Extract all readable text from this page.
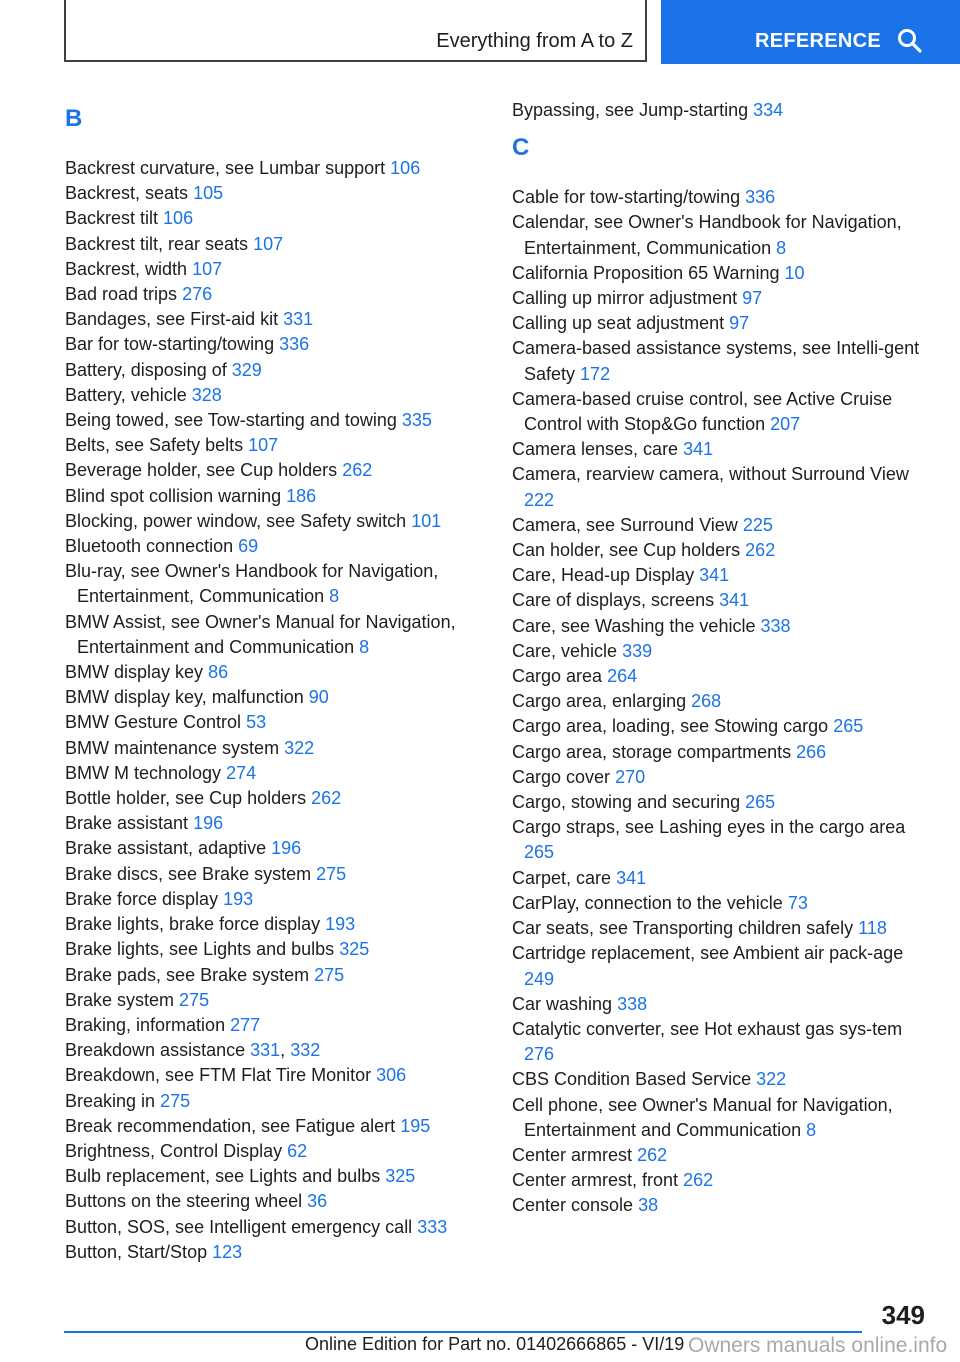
Everything from A to Z	REFERENCE
B
Backrest curvature, see Lumbar support 106
Backrest, seats 105
Backrest tilt 106
Backrest tilt, rear seats 107
Backrest, width 107
Bad road trips 276
Bandages, see First-aid kit 331
Bar for tow-starting/towing 336
Battery, disposing of 329
Battery, vehicle 328
Being towed, see Tow-starting and towing 335
Belts, see Safety belts 107
Beverage holder, see Cup holders 262
Blind spot collision warning 186
Blocking, power window, see Safety switch 101
Bluetooth connection 69
Blu-ray, see Owner's Handbook for Navigation, Entertainment, Communication 8
BMW Assist, see Owner's Manual for Navigation, Entertainment and Communication 8
BMW display key 86
BMW display key, malfunction 90
BMW Gesture Control 53
BMW maintenance system 322
BMW M technology 274
Bottle holder, see Cup holders 262
Brake assistant 196
Brake assistant, adaptive 196
Brake discs, see Brake system 275
Brake force display 193
Brake lights, brake force display 193
Brake lights, see Lights and bulbs 325
Brake pads, see Brake system 275
Brake system 275
Braking, information 277
Breakdown assistance 331, 332
Breakdown, see FTM Flat Tire Monitor 306
Breaking in 275
Break recommendation, see Fatigue alert 195
Brightness, Control Display 62
Bulb replacement, see Lights and bulbs 325
Buttons on the steering wheel 36
Button, SOS, see Intelligent emergency call 333
Button, Start/Stop 123
Bypassing, see Jump-starting 334
C
Cable for tow-starting/towing 336
Calendar, see Owner's Handbook for Navigation, Entertainment, Communication 8
California Proposition 65 Warning 10
Calling up mirror adjustment 97
Calling up seat adjustment 97
Camera-based assistance systems, see Intelli-gent Safety 172
Camera-based cruise control, see Active Cruise Control with Stop&Go function 207
Camera lenses, care 341
Camera, rearview camera, without Surround View 222
Camera, see Surround View 225
Can holder, see Cup holders 262
Care, Head-up Display 341
Care of displays, screens 341
Care, see Washing the vehicle 338
Care, vehicle 339
Cargo area 264
Cargo area, enlarging 268
Cargo area, loading, see Stowing cargo 265
Cargo area, storage compartments 266
Cargo cover 270
Cargo, stowing and securing 265
Cargo straps, see Lashing eyes in the cargo area 265
Carpet, care 341
CarPlay, connection to the vehicle 73
Car seats, see Transporting children safely 118
Cartridge replacement, see Ambient air pack-age 249
Car washing 338
Catalytic converter, see Hot exhaust gas sys-tem 276
CBS Condition Based Service 322
Cell phone, see Owner's Manual for Navigation, Entertainment and Communication 8
Center armrest 262
Center armrest, front 262
Center console 38
349
Online Edition for Part no. 01402666865 - VI/19 Owners manuals online.info
